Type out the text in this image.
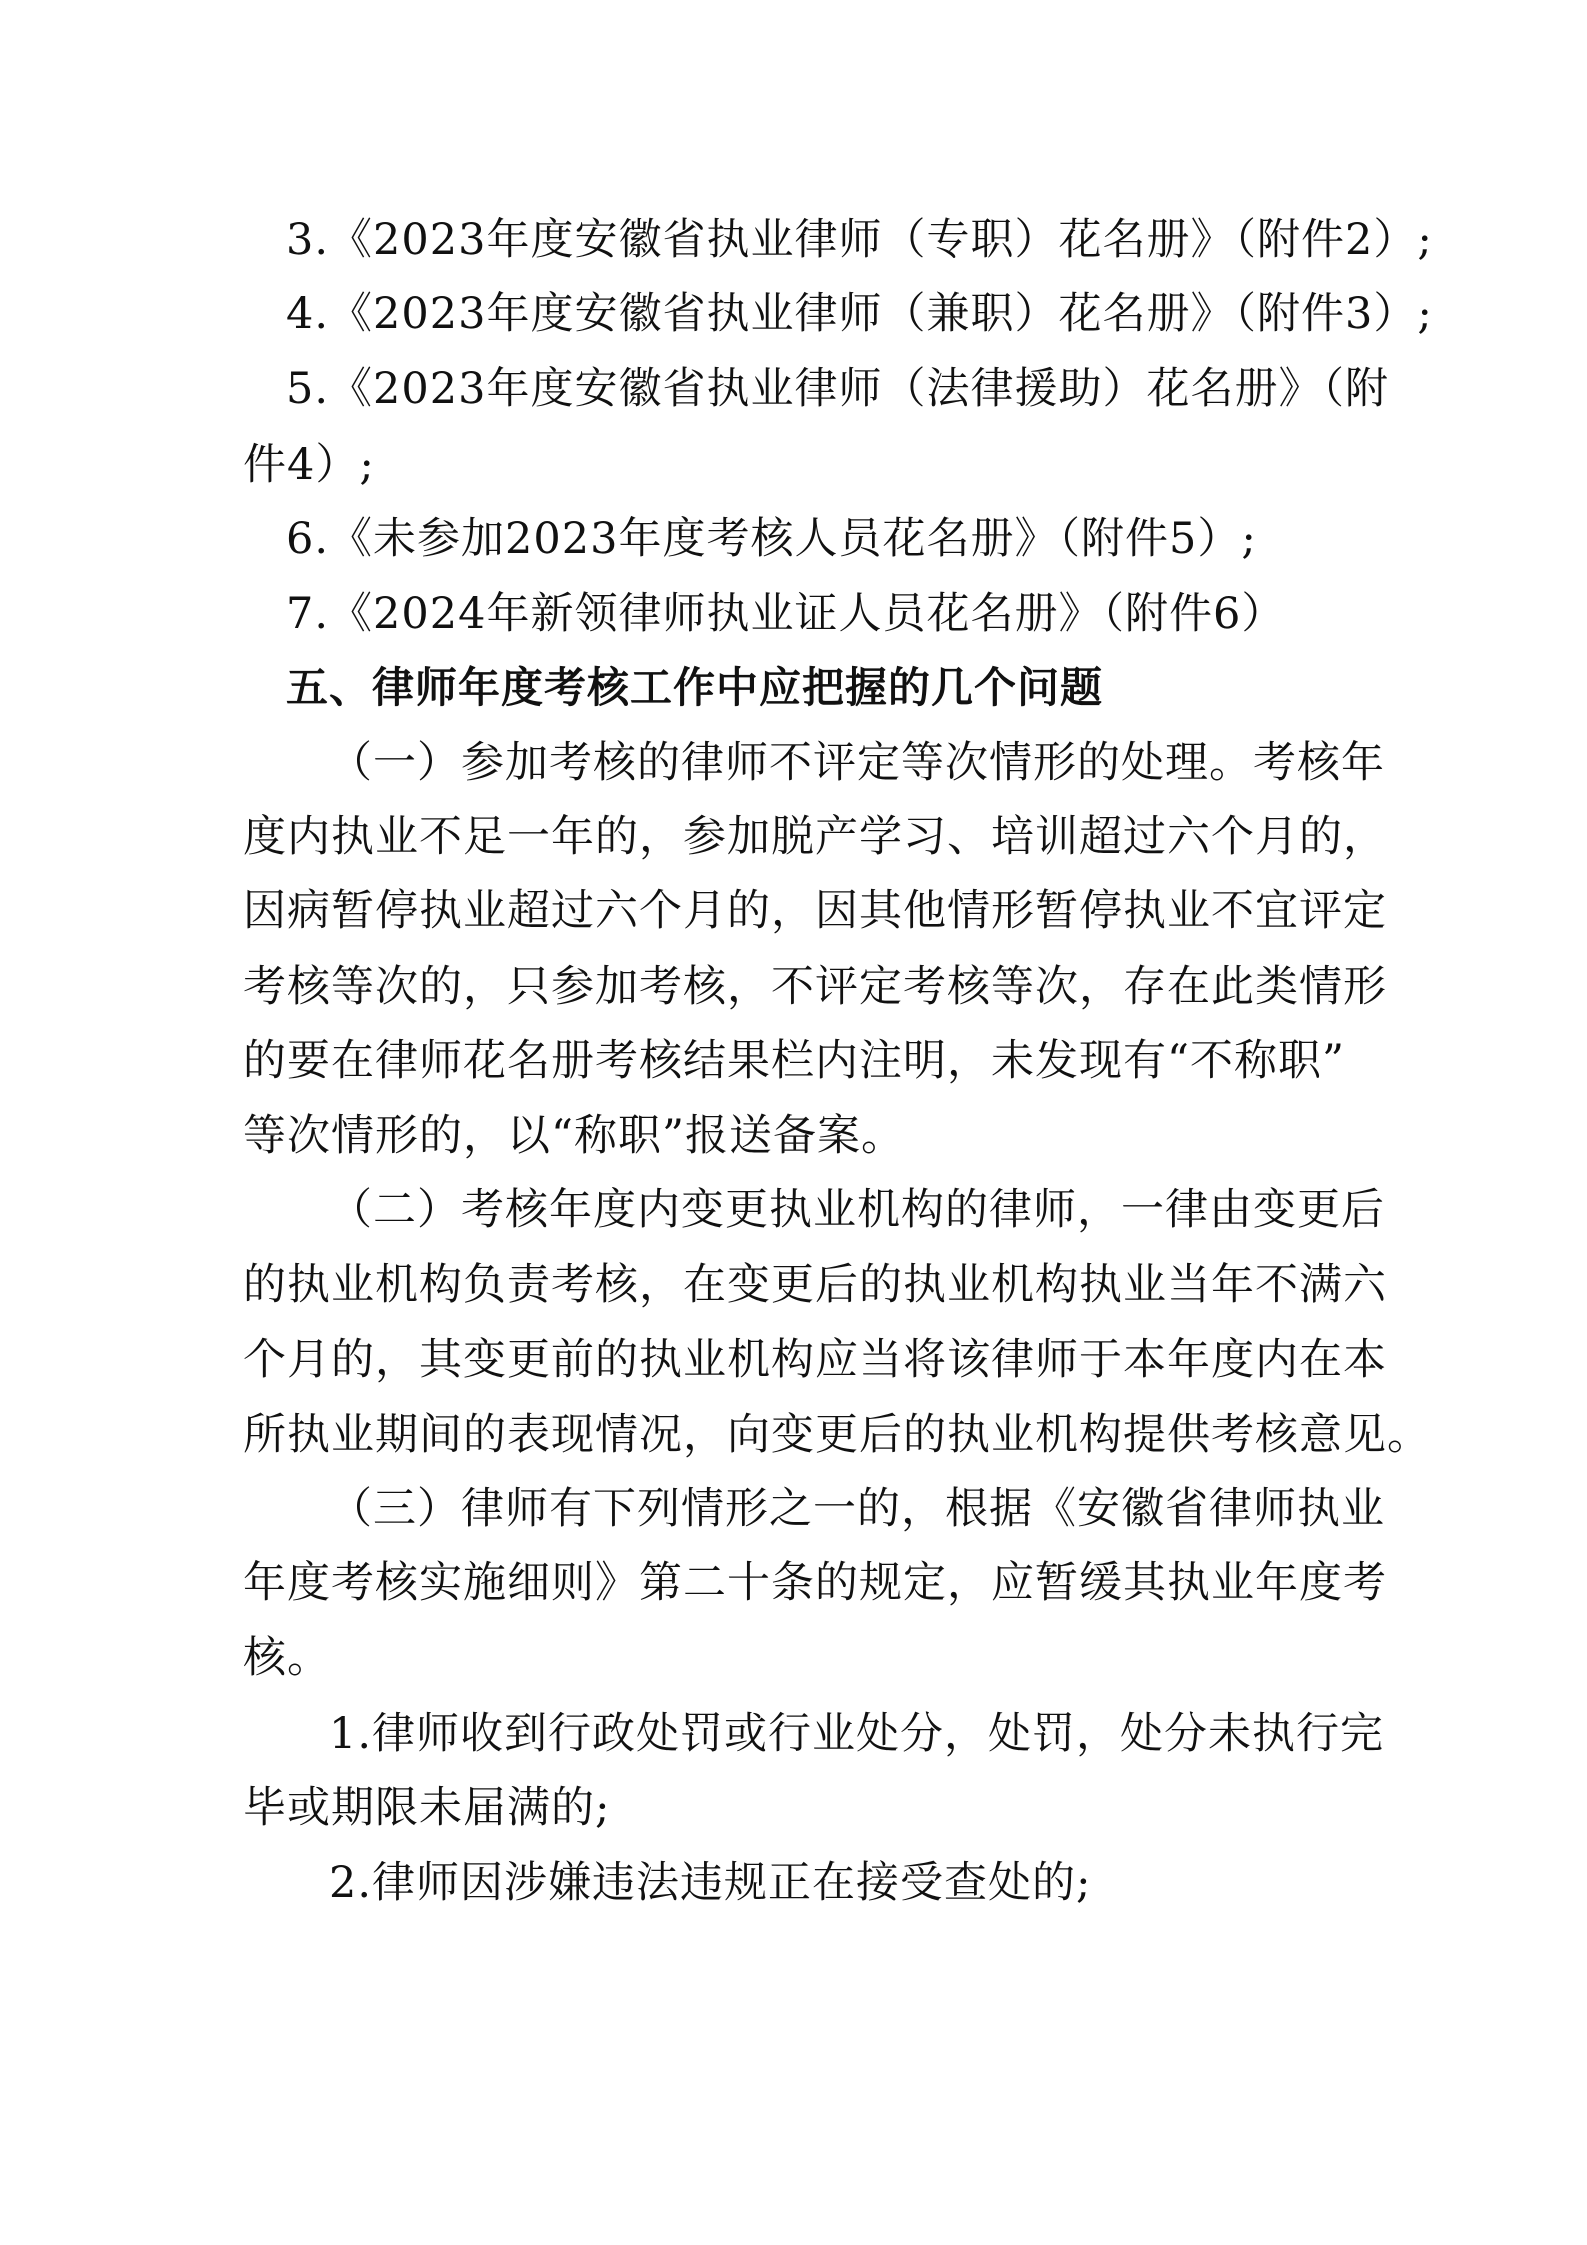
3.《2023年度安徽省执业律师（专职）花名册》（附件2）;
4.《2023年度安徽省执业律师（兼职）花名册》（附件3）;
5.《2023年度安徽省执业律师（法律援助）花名册》（附
件4）;
6.《未参加2023年度考核人员花名册》（附件5）;
7.《2024年新领律师执业证人员花名册》（附件6）
五、律师年度考核工作中应把握的几个问题
（一）参加考核的律师不评定等次情形的处理。考核年
度内执业不足一年的，参加脱产学习、培训超过六个月的，
因病暂停执业超过六个月的，因其他情形暂停执业不宜评定
考核等次的，只参加考核，不评定考核等次，存在此类情形
的要在律师花名册考核结果栏内注明，未发现有“不称职”
等次情形的，以“称职”报送备案。
（二）考核年度内变更执业机构的律师，一律由变更后
的执业机构负责考核，在变更后的执业机构执业当年不满六
个月的，其变更前的执业机构应当将该律师于本年度内在本
所执业期间的表现情况，向变更后的执业机构提供考核意见。
（三）律师有下列情形之一的，根据《安徽省律师执业
年度考核实施细则》第二十条的规定，应暂缓其执业年度考
核。
1.律师收到行政处罚或行业处分，处罚，处分未执行完
毕或期限未届满的;
2.律师因涉嫌违法违规正在接受查处的;
